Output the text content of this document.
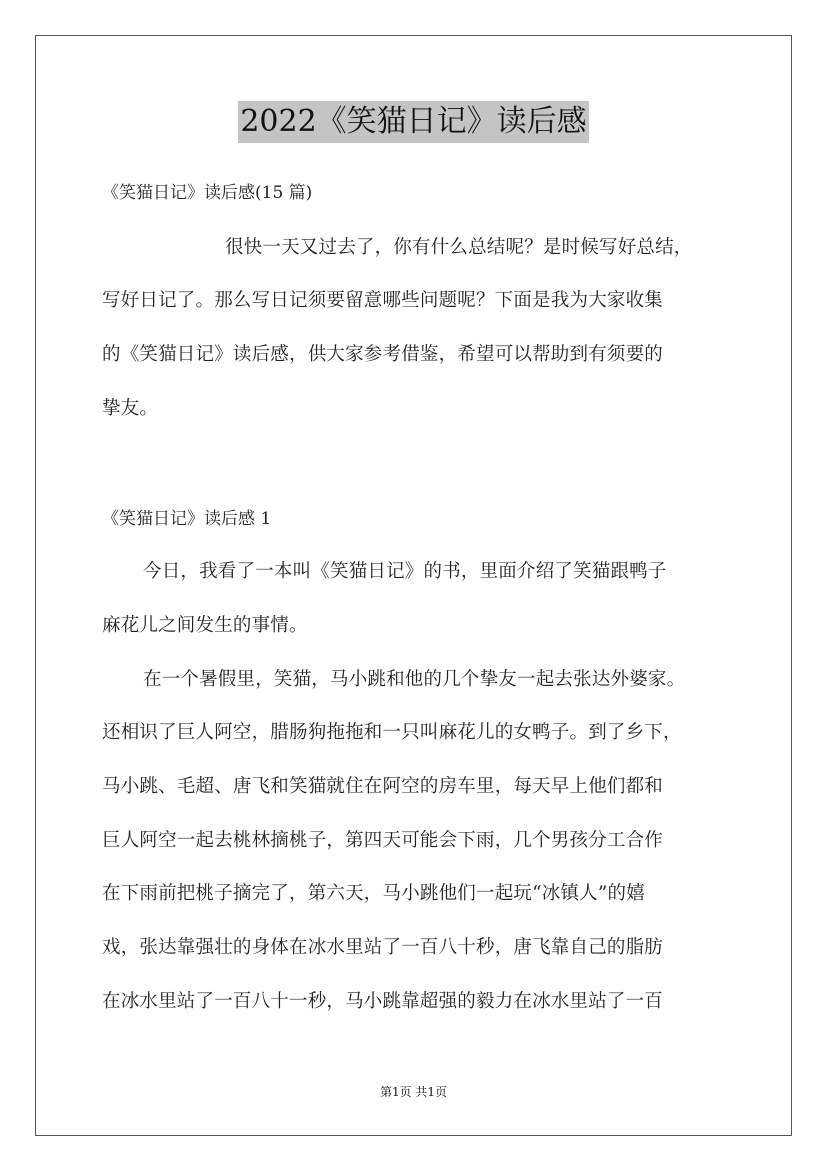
2022《笑猫日记》读后感
《笑猫日记》读后感(15 篇)
很快一天又过去了，你有什么总结呢？是时候写好总结，
写好日记了。那么写日记须要留意哪些问题呢？下面是我为大家收集
的《笑猫日记》读后感，供大家参考借鉴，希望可以帮助到有须要的
挚友。
《笑猫日记》读后感 1
今日，我看了一本叫《笑猫日记》的书，里面介绍了笑猫跟鸭子
麻花儿之间发生的事情。
在一个暑假里，笑猫，马小跳和他的几个挚友一起去张达外婆家。
还相识了巨人阿空，腊肠狗拖拖和一只叫麻花儿的女鸭子。到了乡下，
马小跳、毛超、唐飞和笑猫就住在阿空的房车里，每天早上他们都和
巨人阿空一起去桃林摘桃子，第四天可能会下雨，几个男孩分工合作
在下雨前把桃子摘完了，第六天，马小跳他们一起玩“冰镇人”的嬉
戏，张达靠强壮的身体在冰水里站了一百八十秒，唐飞靠自己的脂肪
在冰水里站了一百八十一秒，马小跳靠超强的毅力在冰水里站了一百
第1页 共1页
